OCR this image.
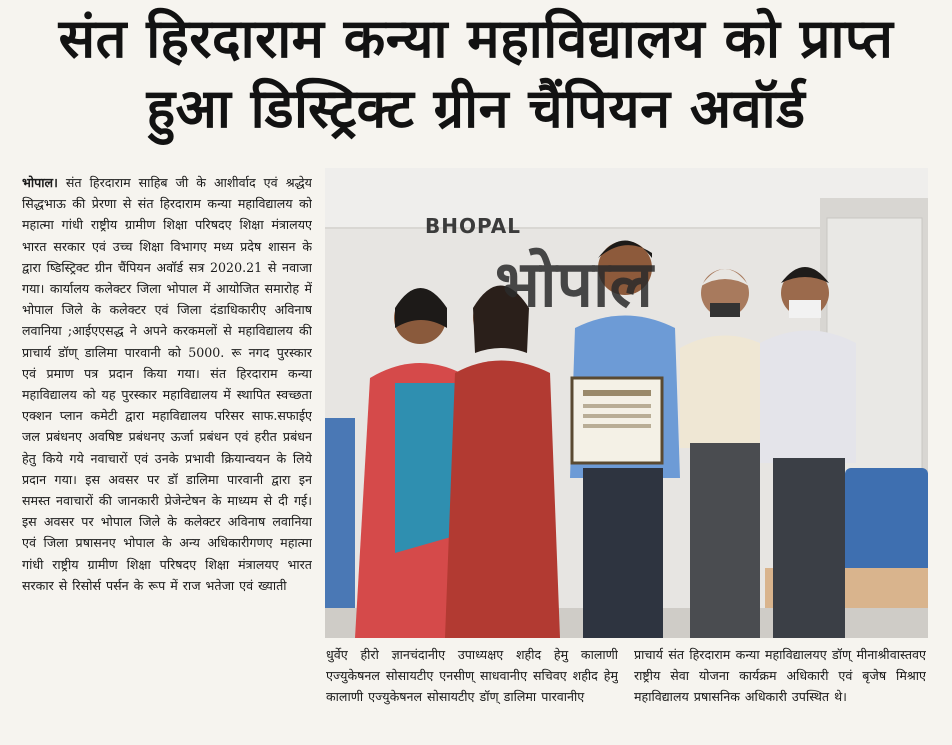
संत हिरदाराम कन्या महाविद्यालय को प्राप्त
हुआ डिस्ट्रिक्ट ग्रीन चैंपियन अवॉर्ड
भोपाल। संत हिरदाराम साहिब जी के आशीर्वाद एवं श्रद्धेय सिद्धभाऊ की प्रेरणा से संत हिरदाराम कन्या महाविद्यालय को महात्मा गांधी राष्ट्रीय ग्रामीण शिक्षा परिषदए शिक्षा मंत्रालयए भारत सरकार एवं उच्च शिक्षा विभागए मध्य प्रदेष शासन के द्वारा ष्डिस्ट्रिक्ट ग्रीन चैंपियन अवॉर्ड सत्र 2020.21 से नवाजा गया। कार्यालय कलेक्टर जिला भोपाल में आयोजित समारोह में भोपाल जिले के कलेक्टर एवं जिला दंडाधिकारीए अविनाष लवानिया ;आईएएसद्ध ने अपने करकमलों से महाविद्यालय की प्राचार्य डॉण् डालिमा पारवानी को 5000. रू नगद पुरस्कार एवं प्रमाण पत्र प्रदान किया गया। संत हिरदाराम कन्या महाविद्यालय को यह पुरस्कार महाविद्यालय में स्थापित स्वच्छता एक्शन प्लान कमेटी द्वारा महाविद्यालय परिसर साफ.सफाईए जल प्रबंधनए अवषिष्ट प्रबंधनए ऊर्जा प्रबंधन एवं हरीत प्रबंधन हेतु किये गये नवाचारों एवं उनके प्रभावी क्रियान्वयन के लिये प्रदान गया। इस अवसर पर डॉ डालिमा पारवानी द्वारा इन समस्त नवाचारों की जानकारी प्रेजेन्टेषन के माध्यम से दी गई। इस अवसर पर भोपाल जिले के कलेक्टर अविनाष लवानिया एवं जिला प्रषासनए भोपाल के अन्य अधिकारीगणए महात्मा गांधी राष्ट्रीय ग्रामीण शिक्षा परिषदए शिक्षा मंत्रालयए भारत सरकार से रिसोर्स पर्सन के रूप में राज भतेजा एवं ख्याती
BHOPAL
भोपाल
धुर्वेए हीरो ज्ञानचंदानीए उपाध्यक्षए शहीद हेमु कालाणी एज्युकेषनल सोसायटीए एनसीण् साधवानीए सचिवए शहीद हेमु कालाणी एज्युकेषनल सोसायटीए डॉण् डालिमा पारवानीए
प्राचार्य संत हिरदाराम कन्या महाविद्यालयए डॉण् मीनाश्रीवास्तवए राष्ट्रीय सेवा योजना कार्यक्रम अधिकारी एवं बृजेष मिश्राए महाविद्यालय प्रषासनिक अधिकारी उपस्थित थे।
